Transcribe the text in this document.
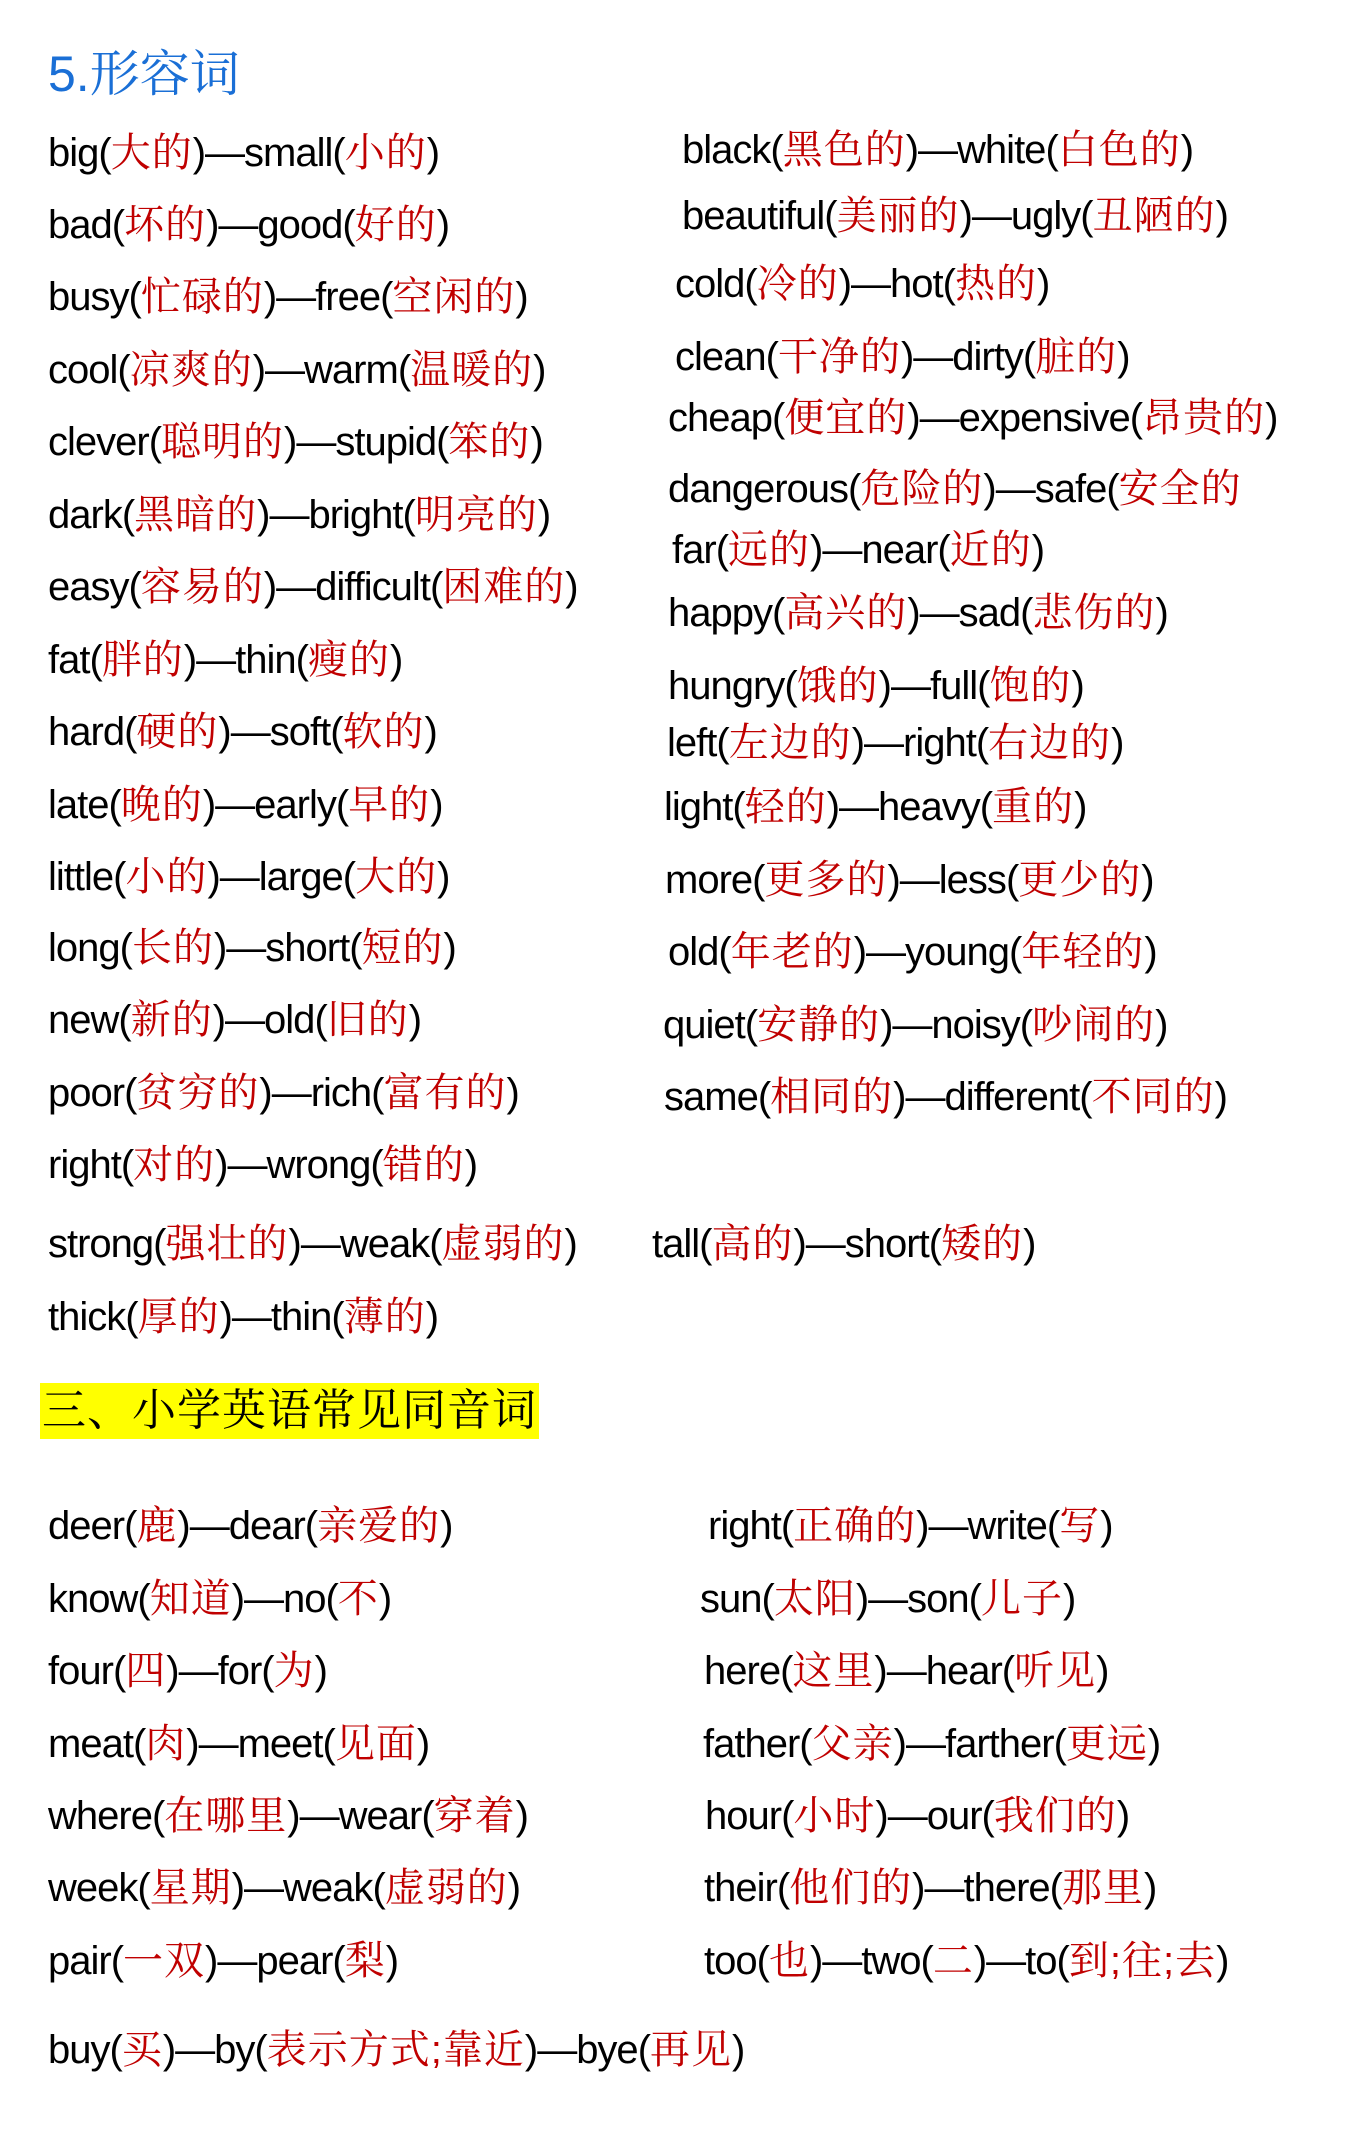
5.形容词
big(大的)—small(小的)
bad(坏的)—good(好的)
busy(忙碌的)—free(空闲的)
cool(凉爽的)—warm(温暖的)
clever(聪明的)—stupid(笨的)
dark(黑暗的)—bright(明亮的)
easy(容易的)—difficult(困难的)
fat(胖的)—thin(瘦的)
hard(硬的)—soft(软的)
late(晚的)—early(早的)
little(小的)—large(大的)
long(长的)—short(短的)
new(新的)—old(旧的)
poor(贫穷的)—rich(富有的)
right(对的)—wrong(错的)
strong(强壮的)—weak(虚弱的)
thick(厚的)—thin(薄的)
black(黑色的)—white(白色的)
beautiful(美丽的)—ugly(丑陋的)
cold(冷的)—hot(热的)
clean(干净的)—dirty(脏的)
cheap(便宜的)—expensive(昂贵的)
dangerous(危险的)—safe(安全的
far(远的)—near(近的)
happy(高兴的)—sad(悲伤的)
hungry(饿的)—full(饱的)
left(左边的)—right(右边的)
light(轻的)—heavy(重的)
more(更多的)—less(更少的)
old(年老的)—young(年轻的)
quiet(安静的)—noisy(吵闹的)
same(相同的)—different(不同的)
tall(高的)—short(矮的)
deer(鹿)—dear(亲爱的)
know(知道)—no(不)
four(四)—for(为)
meat(肉)—meet(见面)
where(在哪里)—wear(穿着)
week(星期)—weak(虚弱的)
pair(一双)—pear(梨)
right(正确的)—write(写)
sun(太阳)—son(儿子)
here(这里)—hear(听见)
father(父亲)—farther(更远)
hour(小时)—our(我们的)
their(他们的)—there(那里)
too(也)—two(二)—to(到;往;去)
buy(买)—by(表示方式;靠近)—bye(再见)
三、小学英语常见同音词
